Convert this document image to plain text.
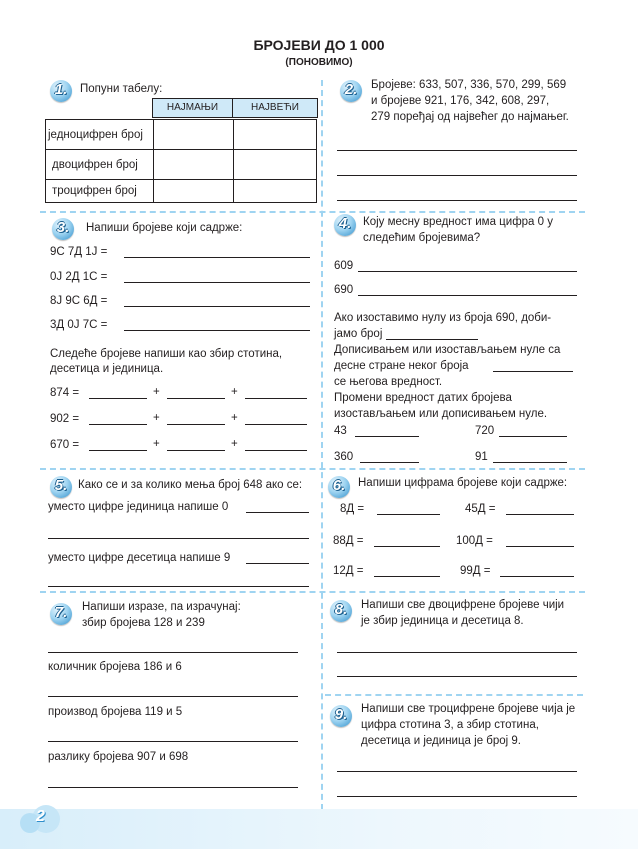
БРОЈЕВИ ДО 1 000
(ПОНОВИМО)
1.	Попуни табелу:
НАЈМАЊИ	НАЈВЕЋИ
једноцифрен број
двоцифрен број
троцифрен број
2.	Бројеве: 633, 507, 336, 570, 299, 569
и бројеве 921, 176, 342, 608, 297,
279 поређај од највећег до најмањег.
3.	Напиши бројеве који садрже:
9С 7Д 1Ј =
0Ј 2Д 1С =
8Ј 9С 6Д =
3Д 0Ј 7С =
Следеће бројеве напиши као збир стотина,
десетица и јединица.
874 =	+	+
902 =	+	+
670 =	+	+
4.	Коју месну вредност има цифра 0 у
следећим бројевима?
609
690
Ако изоставимо нулу из броја 690, доби-
јамо број
Дописивањем или изостављањем нуле са
десне стране неког броја
се његова вредност.
Промени вредност датих бројева
изостављањем или дописивањем нуле.
43	720
360	91
5. Како се и за колико мења број 648 ако се:
уместо цифре јединица напише 0
уместо цифре десетица напише 9
6.	Напиши цифрама бројеве који садрже:
8Д =	45Д =
88Д =	100Д =
12Д =	99Д =
7.	Напиши изразе, па израчунај:
збир бројева 128 и 239
количник бројева 186 и 6
производ бројева 119 и 5
разлику бројева 907 и 698
8.	Напиши све двоцифрене бројеве чији
је збир јединица и десетица 8.
9.	Напиши све троцифрене бројеве чија је
цифра стотина 3, а збир стотина,
десетица и јединица је број 9.
2
